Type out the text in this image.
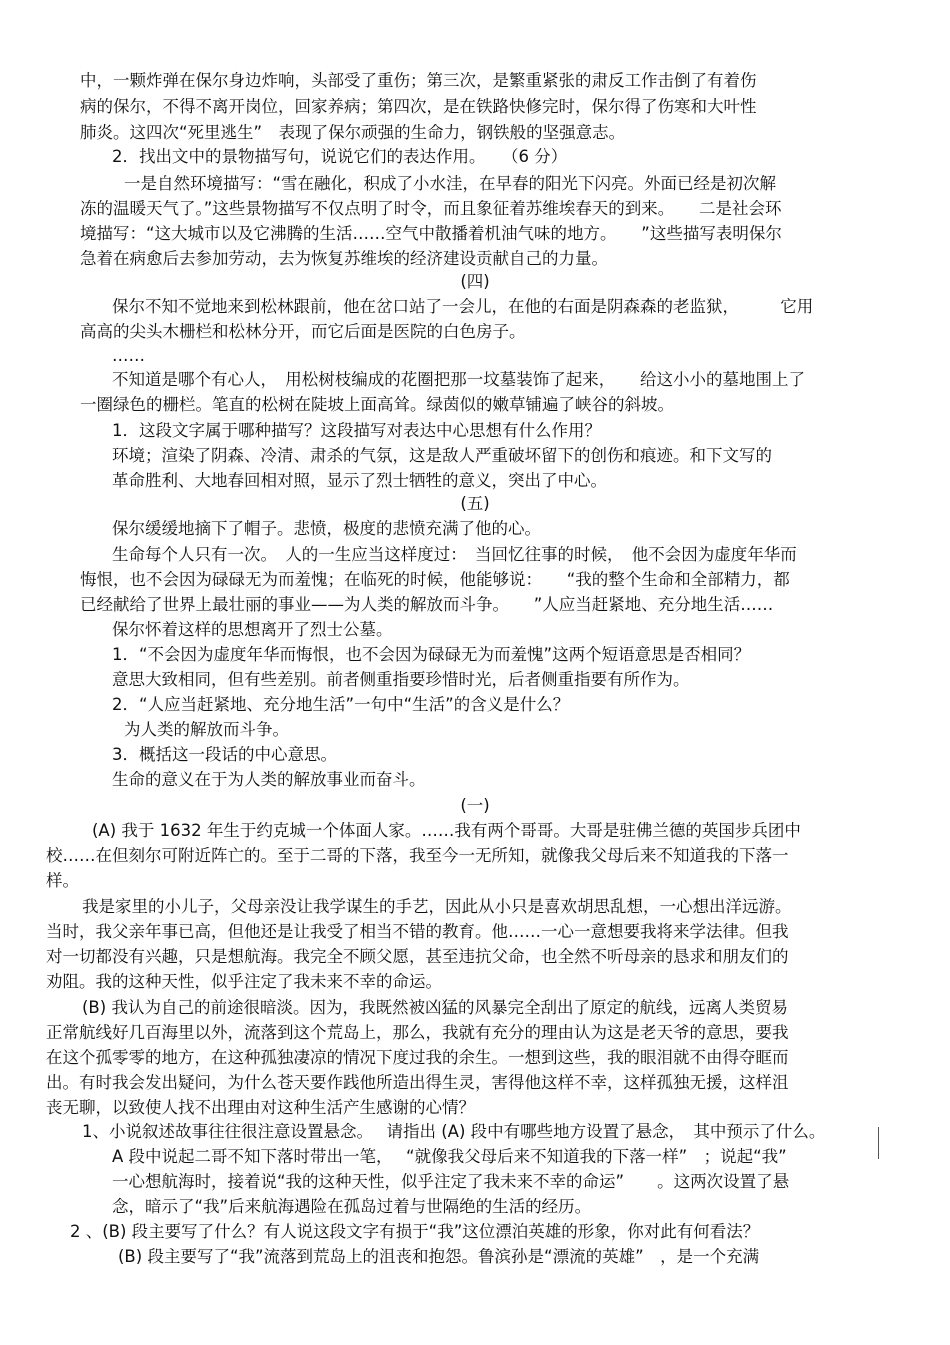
中，一颗炸弹在保尔身边炸响，头部受了重伤；第三次，是繁重紧张的肃反工作击倒了有着伤
病的保尔，不得不离开岗位，回家养病；第四次，是在铁路快修完时，保尔得了伤寒和大叶性
肺炎。这四次“死里逃生”　表现了保尔顽强的生命力，钢铁般的坚强意志。
2．找出文中的景物描写句，说说它们的表达作用。　　（6 分）
一是自然环境描写：“雪在融化，积成了小水洼，在早春的阳光下闪亮。外面已经是初次解
冻的温暖天气了。”这些景物描写不仅点明了时令，而且象征着苏维埃春天的到来。　　二是社会环
境描写：“这大城市以及它沸腾的生活……空气中散播着机油气味的地方。　　”这些描写表明保尔
急着在病愈后去参加劳动，去为恢复苏维埃的经济建设贡献自己的力量。
(四)
保尔不知不觉地来到松林跟前，他在岔口站了一会儿，在他的右面是阴森森的老监狱，　　　它用
高高的尖头木栅栏和松林分开，而它后面是医院的白色房子。
……
不知道是哪个有心人，　用松树枝编成的花圈把那一坟墓装饰了起来，　　给这小小的墓地围上了
一圈绿色的栅栏。笔直的松树在陡坡上面高耸。绿茵似的嫩草铺遍了峡谷的斜坡。
1．这段文字属于哪种描写？这段描写对表达中心思想有什么作用？
环境；渲染了阴森、冷清、肃杀的气氛，这是敌人严重破坏留下的创伤和痕迹。和下文写的
革命胜利、大地春回相对照，显示了烈士牺牲的意义，突出了中心。
(五)
保尔缓缓地摘下了帽子。悲愤，极度的悲愤充满了他的心。
生命每个人只有一次。　人的一生应当这样度过：　当回忆往事的时候，　他不会因为虚度年华而
悔恨，也不会因为碌碌无为而羞愧；在临死的时候，他能够说：　　“我的整个生命和全部精力，都
已经献给了世界上最壮丽的事业——为人类的解放而斗争。　　”人应当赶紧地、充分地生活……
保尔怀着这样的思想离开了烈士公墓。
1．“不会因为虚度年华而悔恨，也不会因为碌碌无为而羞愧”这两个短语意思是否相同？
意思大致相同，但有些差别。前者侧重指要珍惜时光，后者侧重指要有所作为。
2．“人应当赶紧地、充分地生活”一句中“生活”的含义是什么？
为人类的解放而斗争。
3．概括这一段话的中心意思。
生命的意义在于为人类的解放事业而奋斗。
(一)
(A) 我于 1632 年生于约克城一个体面人家。……我有两个哥哥。大哥是驻佛兰德的英国步兵团中
校……在但刻尔可附近阵亡的。至于二哥的下落，我至今一无所知，就像我父母后来不知道我的下落一
样。
我是家里的小儿子，父母亲没让我学谋生的手艺，因此从小只是喜欢胡思乱想，一心想出洋远游。
当时，我父亲年事已高，但他还是让我受了相当不错的教育。他……一心一意想要我将来学法律。但我
对一切都没有兴趣，只是想航海。我完全不顾父愿，甚至违抗父命，也全然不听母亲的恳求和朋友们的
劝阻。我的这种天性，似乎注定了我未来不幸的命运。
(B) 我认为自己的前途很暗淡。因为，我既然被凶猛的风暴完全刮出了原定的航线，远离人类贸易
正常航线好几百海里以外，流落到这个荒岛上，那么，我就有充分的理由认为这是老天爷的意思，要我
在这个孤零零的地方，在这种孤独凄凉的情况下度过我的余生。一想到这些，我的眼泪就不由得夺眶而
出。有时我会发出疑问，为什么苍天要作践他所造出得生灵，害得他这样不幸，这样孤独无援，这样沮
丧无聊，以致使人找不出理由对这种生活产生感谢的心情？
1、小说叙述故事往往很注意设置悬念。　 请指出 (A) 段中有哪些地方设置了悬念，　其中预示了什么。
A 段中说起二哥不知下落时带出一笔，　 “就像我父母后来不知道我的下落一样”　；说起“我”
一心想航海时，接着说“我的这种天性，似乎注定了我未来不幸的命运”　　。这两次设置了悬
念，暗示了“我”后来航海遇险在孤岛过着与世隔绝的生活的经历。
2 、(B) 段主要写了什么？有人说这段文字有损于“我”这位漂泊英雄的形象，你对此有何看法？
(B) 段主要写了“我”流落到荒岛上的沮丧和抱怨。鲁滨孙是“漂流的英雄”　，是一个充满
